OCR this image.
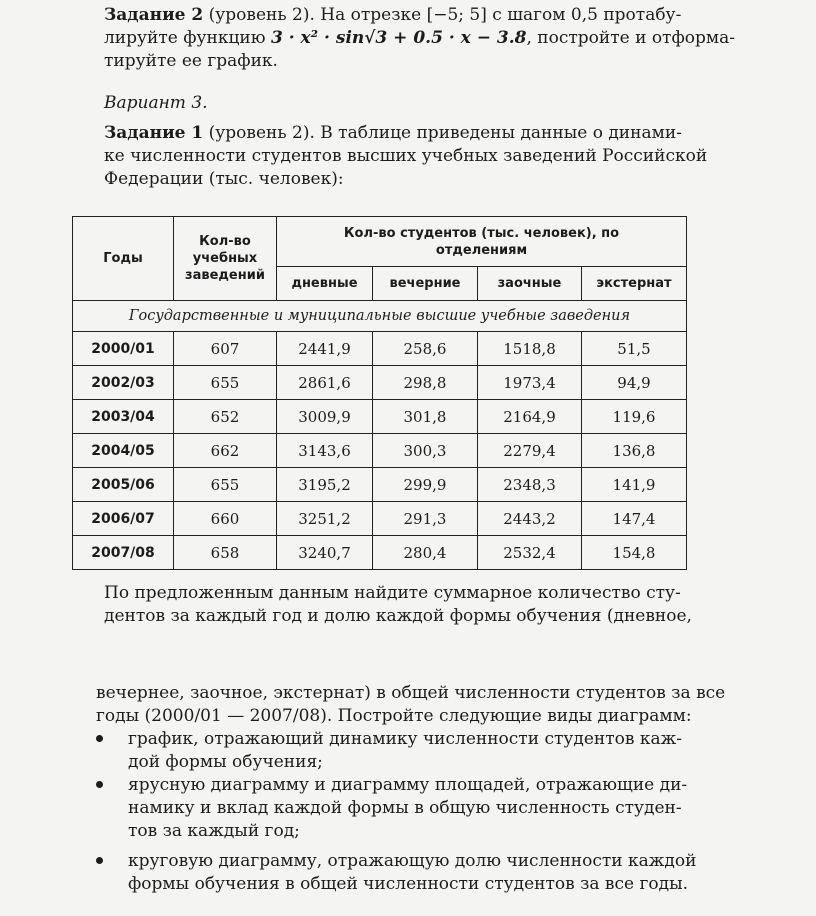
Задание 2 (уровень 2). На отрезке [−5; 5] с шагом 0,5 протабу-

лируйте функцию 3 · x² · sin√3 + 0.5 · x − 3.8, постройте и отформа-

тируйте ее график.

Вариант 3.

Задание 1 (уровень 2). В таблице приведены данные о динами-

ке численности студентов высших учебных заведений Российской

Федерации (тыс. человек):

Годы	Кол-во учебных заведений	Кол-во студентов (тыс. человек), по отделениям			
		дневные	вечерние	заочные	экстернат
Государственные и муниципальные высшие учебные заведения					
2000/01	607	2441,9	258,6	1518,8	51,5
2002/03	655	2861,6	298,8	1973,4	94,9
2003/04	652	3009,9	301,8	2164,9	119,6
2004/05	662	3143,6	300,3	2279,4	136,8
2005/06	655	3195,2	299,9	2348,3	141,9
2006/07	660	3251,2	291,3	2443,2	147,4
2007/08	658	3240,7	280,4	2532,4	154,8

По предложенным данным найдите суммарное количество сту-

дентов за каждый год и долю каждой формы обучения (дневное,

вечернее, заочное, экстернат) в общей численности студентов за все

годы (2000/01 — 2007/08). Постройте следующие виды диаграмм:

график, отражающий динамику численности студентов каж-

дой формы обучения;

ярусную диаграмму и диаграмму площадей, отражающие ди-

намику и вклад каждой формы в общую численность студен-

тов за каждый год;

круговую диаграмму, отражающую долю численности каждой

формы обучения в общей численности студентов за все годы.
